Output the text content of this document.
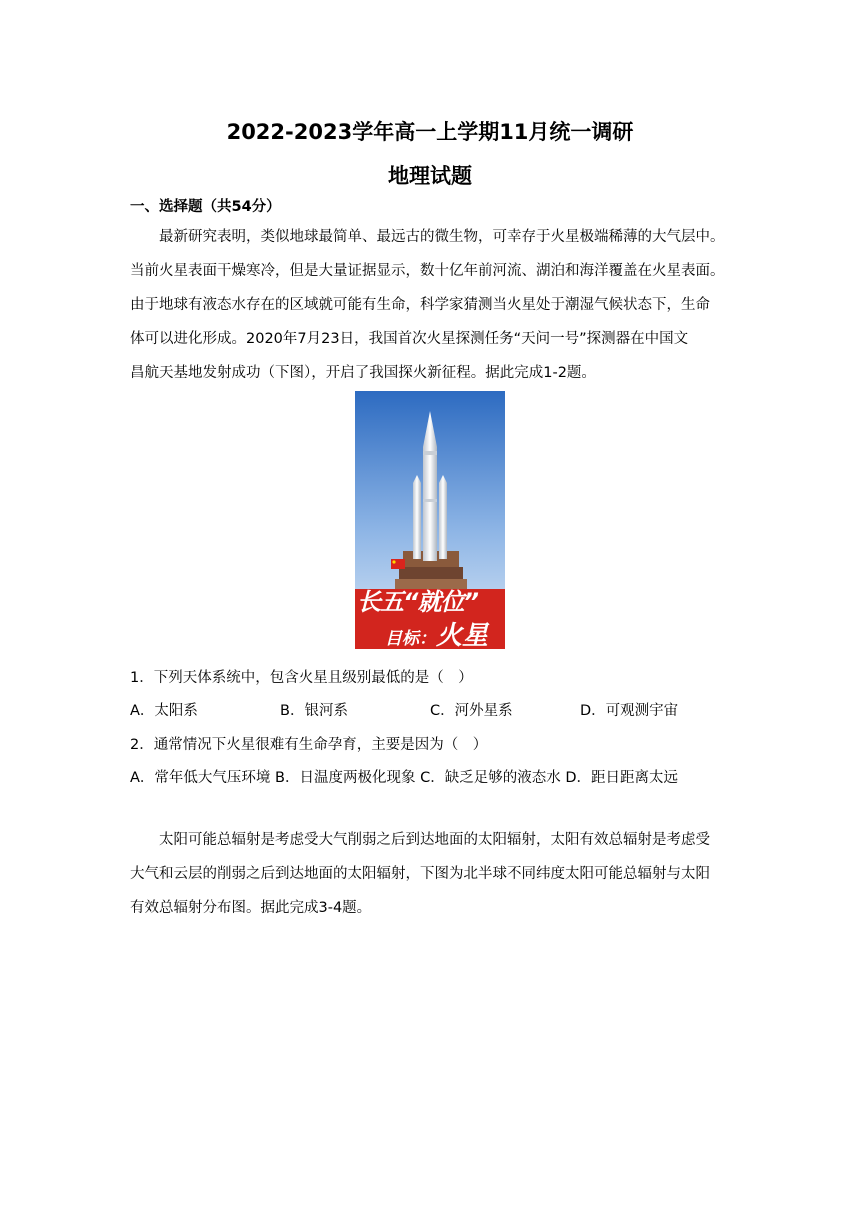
2022-2023学年高一上学期11月统一调研
地理试题
一、选择题（共54分）

最新研究表明，类似地球最简单、最远古的微生物，可幸存于火星极端稀薄的大气层中。

当前火星表面干燥寒冷，但是大量证据显示，数十亿年前河流、湖泊和海洋覆盖在火星表面。

由于地球有液态水存在的区域就可能有生命，科学家猜测当火星处于潮湿气候状态下，生命

体可以进化形成。2020年7月23日，我国首次火星探测任务“天问一号”探测器在中国文

昌航天基地发射成功（下图），开启了我国探火新征程。据此完成1-2题。

长五“就位”
目标：火星
1．下列天体系统中，包含火星且级别最低的是（　）
A．太阳系	B．银河系	C．河外星系	D．可观测宇宙
2．通常情况下火星很难有生命孕育，主要是因为（　）
A．常年低大气压环境 B．日温度两极化现象 C．缺乏足够的液态水 D．距日距离太远

太阳可能总辐射是考虑受大气削弱之后到达地面的太阳辐射，太阳有效总辐射是考虑受

大气和云层的削弱之后到达地面的太阳辐射，下图为北半球不同纬度太阳可能总辐射与太阳

有效总辐射分布图。据此完成3-4题。
